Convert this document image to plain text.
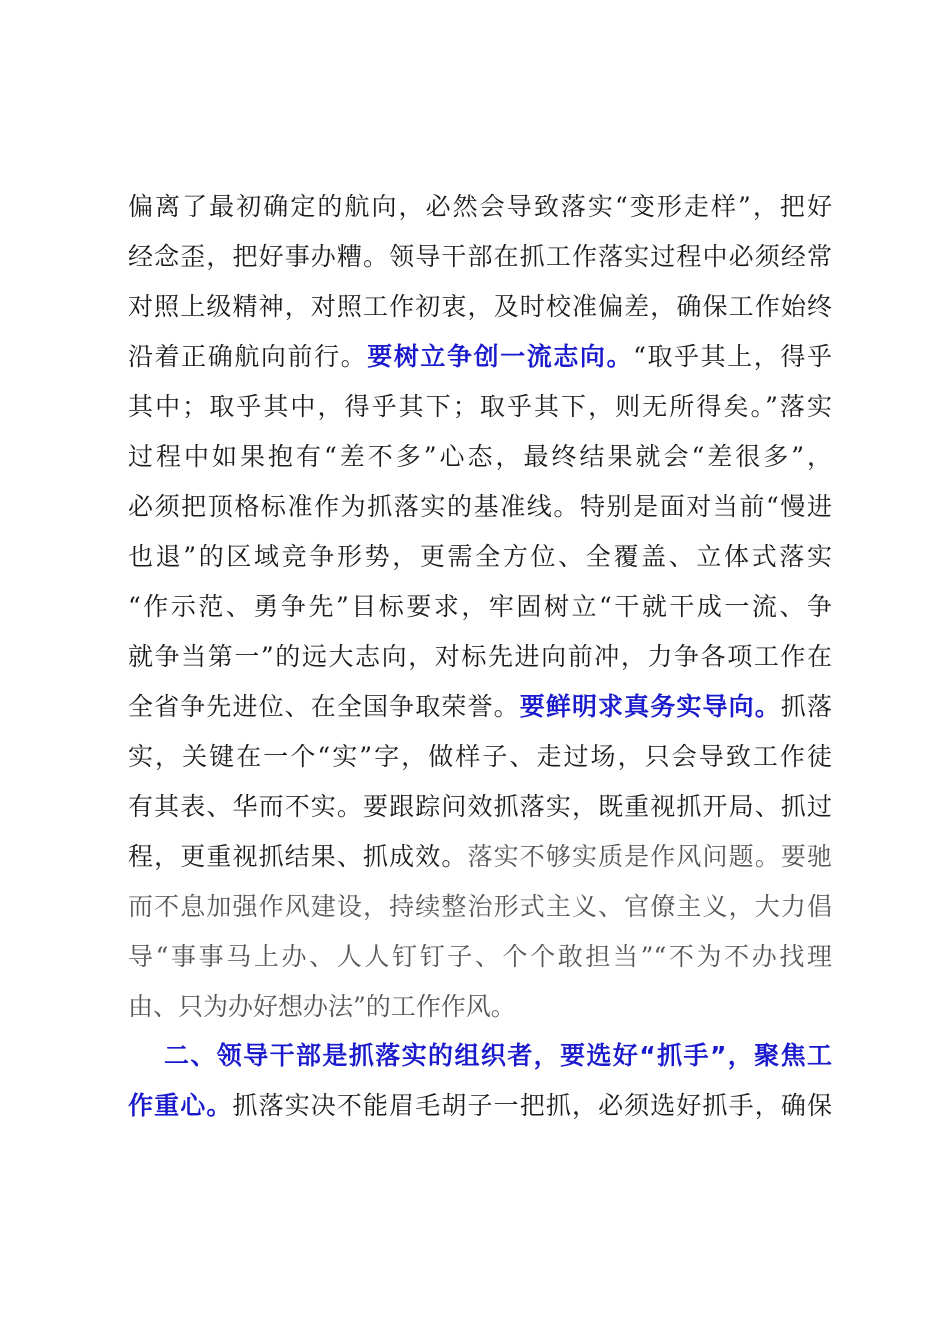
偏离了最初确定的航向，必然会导致落实“变形走样”，把好
经念歪，把好事办糟。领导干部在抓工作落实过程中必须经常
对照上级精神，对照工作初衷，及时校准偏差，确保工作始终
沿着正确航向前行。要树立争创一流志向。“取乎其上，得乎
其中；取乎其中，得乎其下；取乎其下，则无所得矣。”落实
过程中如果抱有“差不多”心态，最终结果就会“差很多”，
必须把顶格标准作为抓落实的基准线。特别是面对当前“慢进
也退”的区域竞争形势，更需全方位、全覆盖、立体式落实
“作示范、勇争先”目标要求，牢固树立“干就干成一流、争
就争当第一”的远大志向，对标先进向前冲，力争各项工作在
全省争先进位、在全国争取荣誉。要鲜明求真务实导向。抓落
实，关键在一个“实”字，做样子、走过场，只会导致工作徒
有其表、华而不实。要跟踪问效抓落实，既重视抓开局、抓过
程，更重视抓结果、抓成效。落实不够实质是作风问题。要驰
而不息加强作风建设，持续整治形式主义、官僚主义，大力倡
导“事事马上办、人人钉钉子、个个敢担当”“不为不办找理
由、只为办好想办法”的工作作风。
二、领导干部是抓落实的组织者，要选好“抓手”，聚焦工
作重心。抓落实决不能眉毛胡子一把抓，必须选好抓手，确保
